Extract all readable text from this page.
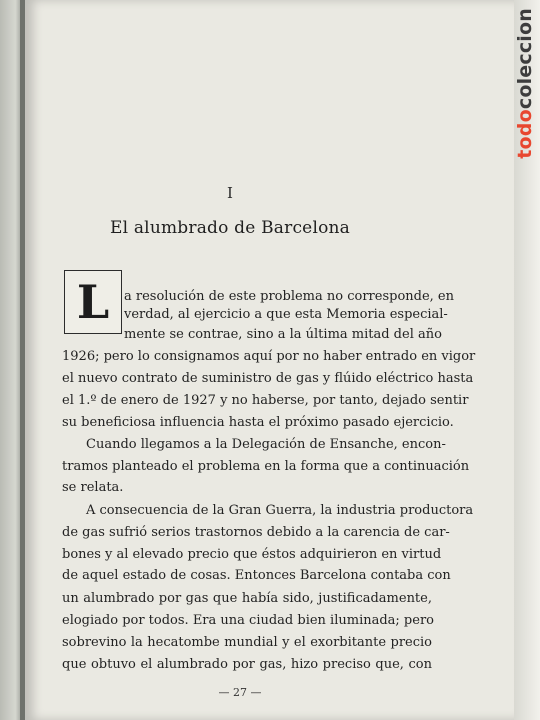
todocoleccion
I
El alumbrado de Barcelona
L a resolución de este problema no corresponde, en
verdad, al ejercicio a que esta Memoria especial-
mente se contrae, sino a la última mitad del año
1926; pero lo consignamos aquí por no haber entrado en vigor
el nuevo contrato de suministro de gas y flúido eléctrico hasta
el 1.º de enero de 1927 y no haberse, por tanto, dejado sentir
su beneficiosa influencia hasta el próximo pasado ejercicio.
Cuando llegamos a la Delegación de Ensanche, encon-
tramos planteado el problema en la forma que a continuación
se relata.
A consecuencia de la Gran Guerra, la industria productora
de gas sufrió serios trastornos debido a la carencia de car-
bones y al elevado precio que éstos adquirieron en virtud
de aquel estado de cosas. Entonces Barcelona contaba con
un alumbrado por gas que había sido, justificadamente,
elogiado por todos. Era una ciudad bien iluminada; pero
sobrevino la hecatombe mundial y el exorbitante precio
que obtuvo el alumbrado por gas, hizo preciso que, con
— 27 —
